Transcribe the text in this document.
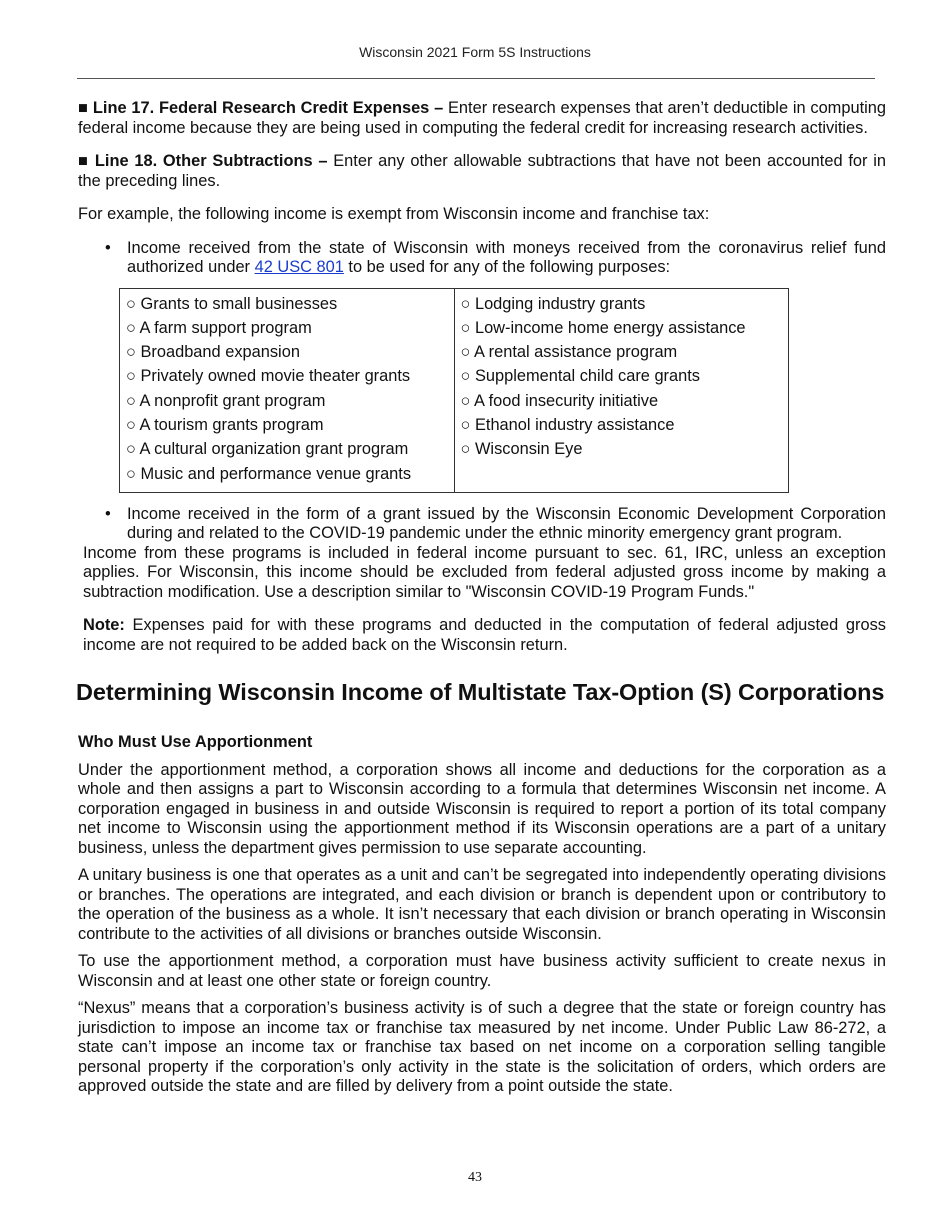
Wisconsin 2021 Form 5S Instructions

■ Line 17. Federal Research Credit Expenses – Enter research expenses that aren’t deductible in computing federal income because they are being used in computing the federal credit for increasing research activities.

■ Line 18. Other Subtractions – Enter any other allowable subtractions that have not been accounted for in the preceding lines.

For example, the following income is exempt from Wisconsin income and franchise tax:

• Income received from the state of Wisconsin with moneys received from the coronavirus relief fund authorized under 42 USC 801 to be used for any of the following purposes:
○ Grants to small businesses
○ A farm support program
○ Broadband expansion
○ Privately owned movie theater grants
○ A nonprofit grant program
○ A tourism grants program
○ A cultural organization grant program
○ Music and performance venue grants

○ Lodging industry grants
○ Low-income home energy assistance
○ A rental assistance program
○ Supplemental child care grants
○ A food insecurity initiative
○ Ethanol industry assistance
○ Wisconsin Eye
• Income received in the form of a grant issued by the Wisconsin Economic Development Corporation during and related to the COVID-19 pandemic under the ethnic minority emergency grant program.

Income from these programs is included in federal income pursuant to sec. 61, IRC, unless an exception applies. For Wisconsin, this income should be excluded from federal adjusted gross income by making a subtraction modification. Use a description similar to "Wisconsin COVID-19 Program Funds."

Note: Expenses paid for with these programs and deducted in the computation of federal adjusted gross income are not required to be added back on the Wisconsin return.

Determining Wisconsin Income of Multistate Tax-Option (S) Corporations
Who Must Use Apportionment

Under the apportionment method, a corporation shows all income and deductions for the corporation as a whole and then assigns a part to Wisconsin according to a formula that determines Wisconsin net income. A corporation engaged in business in and outside Wisconsin is required to report a portion of its total company net income to Wisconsin using the apportionment method if its Wisconsin operations are a part of a unitary business, unless the department gives permission to use separate accounting.

A unitary business is one that operates as a unit and can’t be segregated into independently operating divisions or branches. The operations are integrated, and each division or branch is dependent upon or contributory to the operation of the business as a whole. It isn’t necessary that each division or branch operating in Wisconsin contribute to the activities of all divisions or branches outside Wisconsin.

To use the apportionment method, a corporation must have business activity sufficient to create nexus in Wisconsin and at least one other state or foreign country.

“Nexus” means that a corporation’s business activity is of such a degree that the state or foreign country has jurisdiction to impose an income tax or franchise tax measured by net income. Under Public Law 86-272, a state can’t impose an income tax or franchise tax based on net income on a corporation selling tangible personal property if the corporation’s only activity in the state is the solicitation of orders, which orders are approved outside the state and are filled by delivery from a point outside the state.

43
